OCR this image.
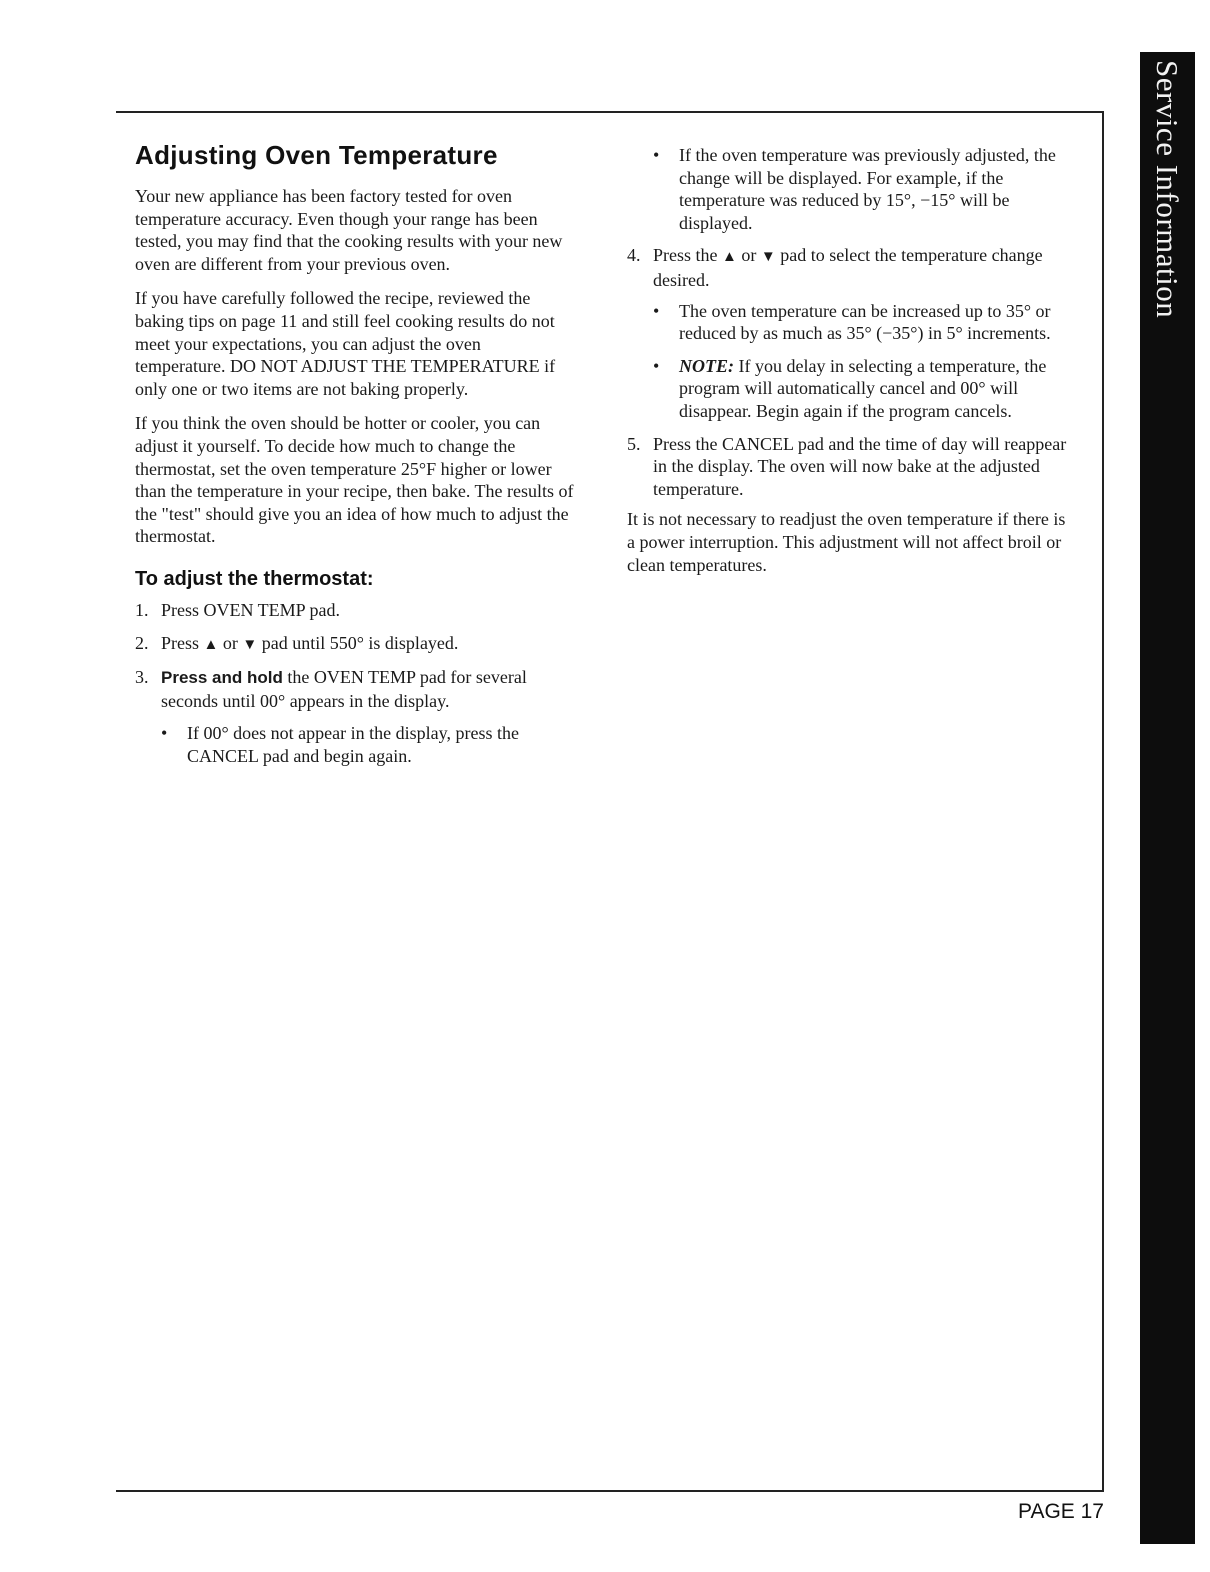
Service Information
PAGE 17
Adjusting Oven Temperature

Your new appliance has been factory tested for oven temperature accuracy. Even though your range has been tested, you may find that the cooking results with your new oven are different from your previous oven.

If you have carefully followed the recipe, reviewed the baking tips on page 11 and still feel cooking results do not meet your expectations, you can adjust the oven temperature. DO NOT ADJUST THE TEMPERATURE if only one or two items are not baking properly.

If you think the oven should be hotter or cooler, you can adjust it yourself. To decide how much to change the thermostat, set the oven temperature 25°F higher or lower than the temperature in your recipe, then bake. The results of the "test" should give you an idea of how much to adjust the thermostat.

To adjust the thermostat:
1. Press OVEN TEMP pad.
2. Press ▲ or ▼ pad until 550° is displayed.
3. Press and hold the OVEN TEMP pad for several seconds until 00° appears in the display.
• If 00° does not appear in the display, press the CANCEL pad and begin again.
• If the oven temperature was previously adjusted, the change will be displayed. For example, if the temperature was reduced by 15°, −15° will be displayed.
4. Press the ▲ or ▼ pad to select the temperature change desired.
• The oven temperature can be increased up to 35° or reduced by as much as 35° (−35°) in 5° increments.
• NOTE: If you delay in selecting a temperature, the program will automatically cancel and 00° will disappear. Begin again if the program cancels.
5. Press the CANCEL pad and the time of day will reappear in the display. The oven will now bake at the adjusted temperature.

It is not necessary to readjust the oven temperature if there is a power interruption. This adjustment will not affect broil or clean temperatures.
